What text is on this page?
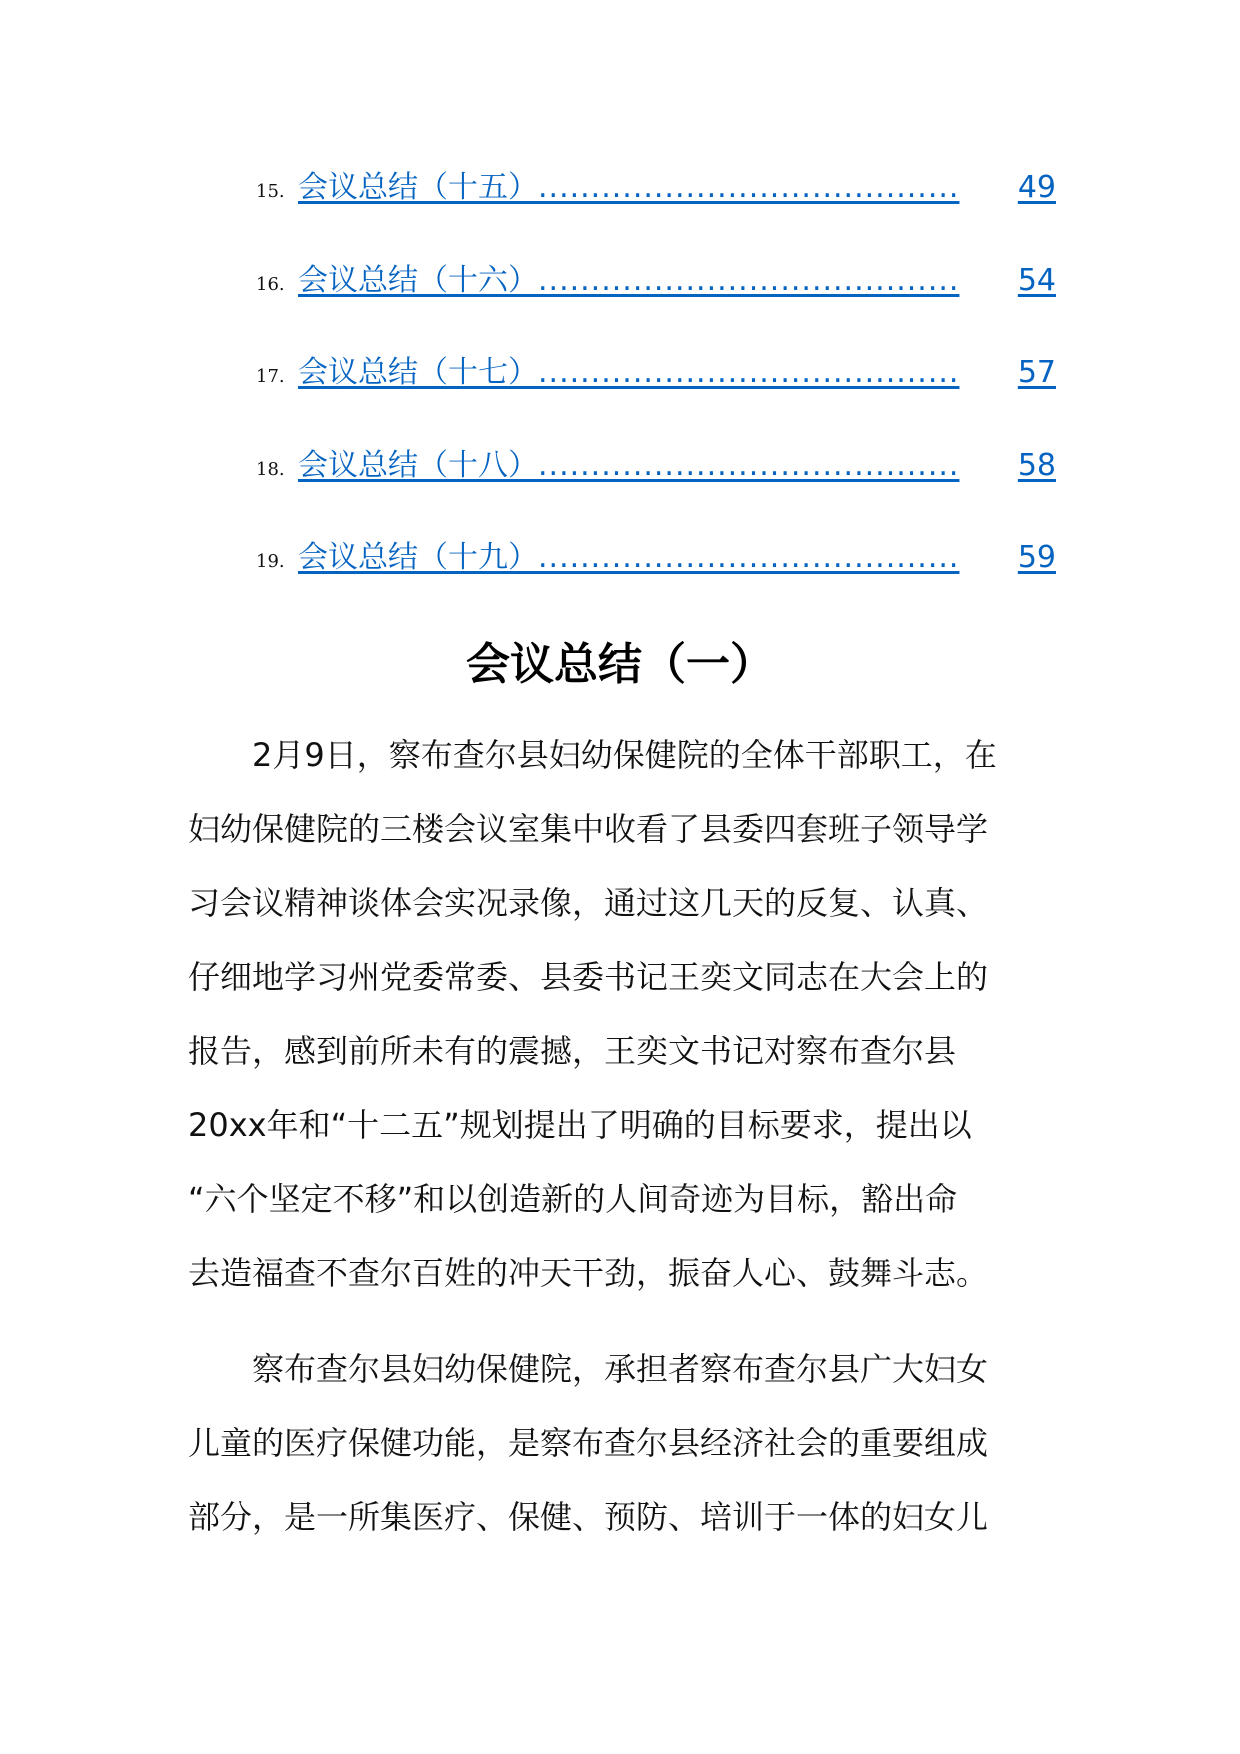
15. 会议总结（十五） ........................................	49
16. 会议总结（十六） ........................................	54
17. 会议总结（十七） ........................................	57
18. 会议总结（十八） ........................................	58
19. 会议总结（十九） ........................................	59
会议总结（一）

2月9日，察布查尔县妇幼保健院的全体干部职工，在
妇幼保健院的三楼会议室集中收看了县委四套班子领导学
习会议精神谈体会实况录像，通过这几天的反复、认真、
仔细地学习州党委常委、县委书记王奕文同志在大会上的
报告，感到前所未有的震撼，王奕文书记对察布查尔县
20xx年和“十二五”规划提出了明确的目标要求，提出以
“六个坚定不移”和以创造新的人间奇迹为目标，豁出命
去造福查不查尔百姓的冲天干劲，振奋人心、鼓舞斗志。

察布查尔县妇幼保健院，承担者察布查尔县广大妇女
儿童的医疗保健功能，是察布查尔县经济社会的重要组成
部分，是一所集医疗、保健、预防、培训于一体的妇女儿
